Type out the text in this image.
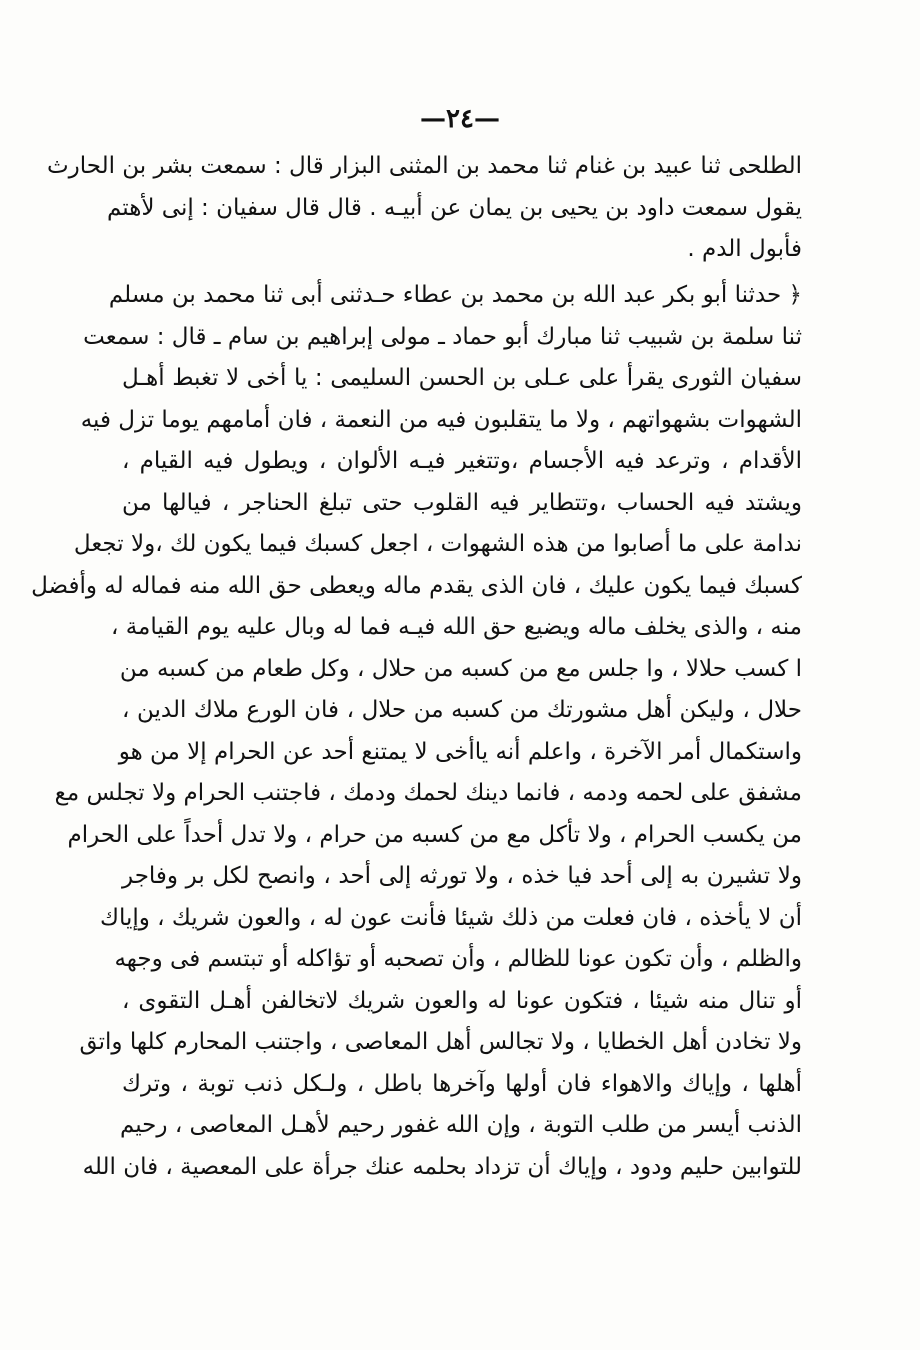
—٢٤—
الطلحى ثنا عبيد بن غنام ثنا محمد بن المثنى البزار قال : سمعت بشر بن الحارث
يقول سمعت داود بن يحيى بن يمان عن أبيـه . قال قال سفيان : إنى لأهتم
فأبول الدم .
﴿ حدثنا أبو بكر عبد الله بن محمد بن عطاء حـدثنى أبى ثنا محمد بن مسلم
ثنا سلمة بن شبيب ثنا مبارك أبو حماد ـ مولى إبراهيم بن سام ـ قال : سمعت
سفيان الثورى يقرأ على عـلى بن الحسن السليمى : يا أخى لا تغبط أهـل
الشهوات بشهواتهم ، ولا ما يتقلبون فيه من النعمة ، فان أمامهم يوما تزل فيه
الأقدام ، وترعد فيه الأجسام ،وتتغير فيـه الألوان ، ويطول فيه القيام ،
ويشتد فيه الحساب ،وتتطاير فيه القلوب حتى تبلغ الحناجر ، فيالها من
ندامة على ما أصابوا من هذه الشهوات ، اجعل كسبك فيما يكون لك ،ولا تجعل
كسبك فيما يكون عليك ، فان الذى يقدم ماله ويعطى حق الله منه فماله له وأفضل
منه ، والذى يخلف ماله ويضيع حق الله فيـه فما له وبال عليه يوم القيامة ،
ا كسب حلالا ، وا جلس مع من كسبه من حلال ، وكل طعام من كسبه من
حلال ، وليكن أهل مشورتك من كسبه من حلال ، فان الورع ملاك الدين ،
واستكمال أمر الآخرة ، واعلم أنه ياأخى لا يمتنع أحد عن الحرام إلا من هو
مشفق على لحمه ودمه ، فانما دينك لحمك ودمك ، فاجتنب الحرام ولا تجلس مع
من يكسب الحرام ، ولا تأكل مع من كسبه من حرام ، ولا تدل أحداً على الحرام
ولا تشيرن به إلى أحد فيا خذه ، ولا تورثه إلى أحد ، وانصح لكل بر وفاجر
أن لا يأخذه ، فان فعلت من ذلك شيئا فأنت عون له ، والعون شريك ، وإياك
والظلم ، وأن تكون عونا للظالم ، وأن تصحبه أو تؤاكله أو تبتسم فى وجهه
أو تنال منه شيئا ، فتكون عونا له والعون شريك لاتخالفن أهـل التقوى ،
ولا تخادن أهل الخطايا ، ولا تجالس أهل المعاصى ، واجتنب المحارم كلها واتق
أهلها ، وإياك والاهواء فان أولها وآخرها باطل ، ولـكل ذنب توبة ، وترك
الذنب أيسر من طلب التوبة ، وإن الله غفور رحيم لأهـل المعاصى ، رحيم
للتوابين حليم ودود ، وإياك أن تزداد بحلمه عنك جرأة على المعصية ، فان الله
